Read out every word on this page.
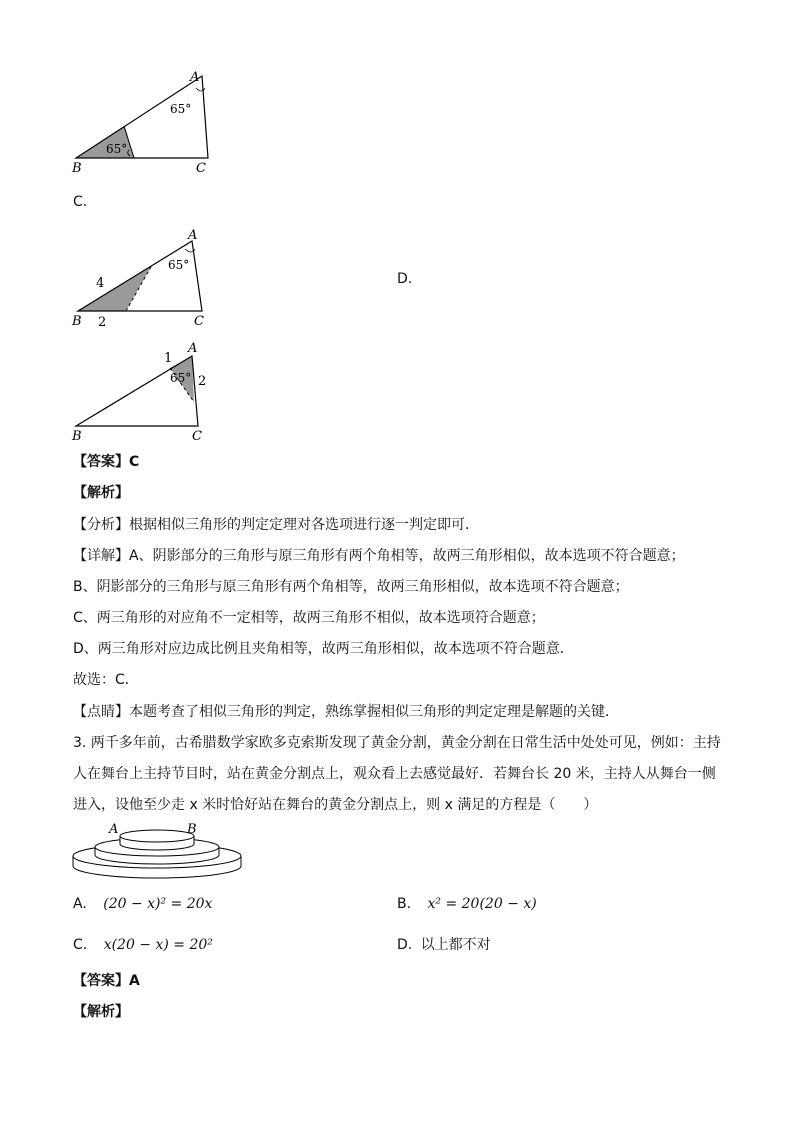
A
B	C
65°
65°
C.
A
B	C
65°
4
2
D.
A
B	C
65°
1
2
【答案】C
【解析】
【分析】根据相似三角形的判定定理对各选项进行逐一判定即可．
【详解】A、阴影部分的三角形与原三角形有两个角相等，故两三角形相似，故本选项不符合题意；
B、阴影部分的三角形与原三角形有两个角相等，故两三角形相似，故本选项不符合题意；
C、两三角形的对应角不一定相等，故两三角形不相似，故本选项符合题意；
D、两三角形对应边成比例且夹角相等，故两三角形相似，故本选项不符合题意．
故选：C．
【点睛】本题考查了相似三角形的判定，熟练掌握相似三角形的判定定理是解题的关键．
3. 两千多年前，古希腊数学家欧多克索斯发现了黄金分割，黄金分割在日常生活中处处可见，例如：主持
人在舞台上主持节目时，站在黄金分割点上，观众看上去感觉最好．若舞台长 20 米，主持人从舞台一侧
进入，设他至少走 x 米时恰好站在舞台的黄金分割点上，则 x 满足的方程是（　　）
A	B
A. (20 − x)² = 20x	B. x² = 20(20 − x)
C. x(20 − x) = 20²	D. 以上都不对
【答案】A
【解析】
